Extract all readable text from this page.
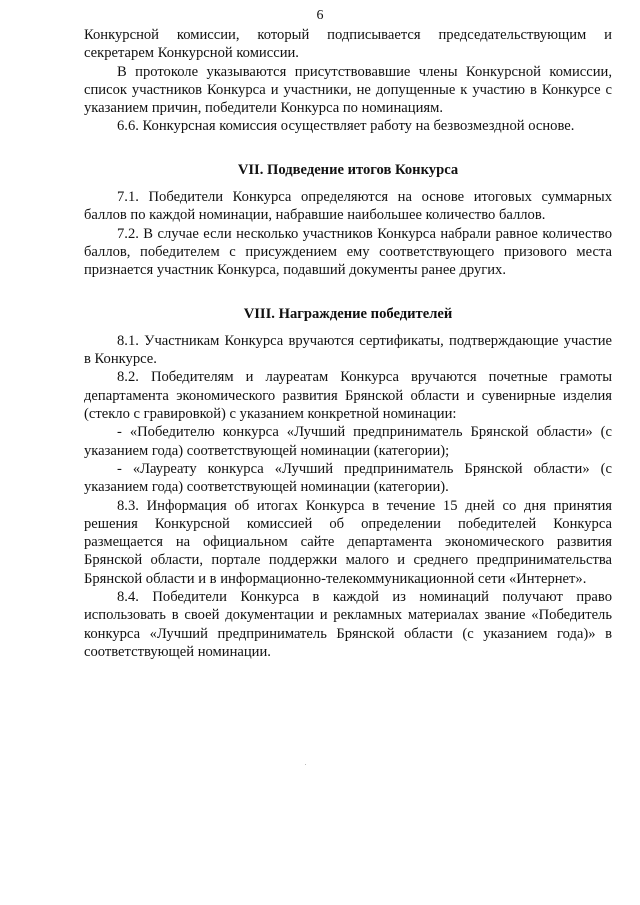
6

Конкурсной комиссии, который подписывается председательствующим и секретарем Конкурсной комиссии.

В протоколе указываются присутствовавшие члены Конкурсной комиссии, список участников Конкурса и участники, не допущенные к участию в Конкурсе с указанием причин, победители Конкурса по номинациям.

6.6. Конкурсная комиссия осуществляет работу на безвозмездной основе.

VII. Подведение итогов Конкурса

7.1. Победители Конкурса определяются на основе итоговых суммарных баллов по каждой номинации, набравшие наибольшее количество баллов.

7.2. В случае если несколько участников Конкурса набрали равное количество баллов, победителем с присуждением ему соответствующего призового места признается участник Конкурса, подавший документы ранее других.

VIII. Награждение победителей

8.1. Участникам Конкурса вручаются сертификаты, подтверждающие участие в Конкурсе.

8.2. Победителям и лауреатам Конкурса вручаются почетные грамоты департамента экономического развития Брянской области и сувенирные изделия (стекло с гравировкой) с указанием конкретной номинации:

- «Победителю конкурса «Лучший предприниматель Брянской области» (с указанием года) соответствующей номинации (категории);

- «Лауреату конкурса «Лучший предприниматель Брянской области» (с указанием года) соответствующей номинации (категории).

8.3. Информация об итогах Конкурса в течение 15 дней со дня принятия решения Конкурсной комиссией об определении победителей Конкурса размещается на официальном сайте департамента экономического развития Брянской области, портале поддержки малого и среднего предпринимательства Брянской области и в информационно-телекоммуникационной сети «Интернет».

8.4. Победители Конкурса в каждой из номинаций получают право использовать в своей документации и рекламных материалах звание «Победитель конкурса «Лучший предприниматель Брянской области (с указанием года)» в соответствующей номинации.
